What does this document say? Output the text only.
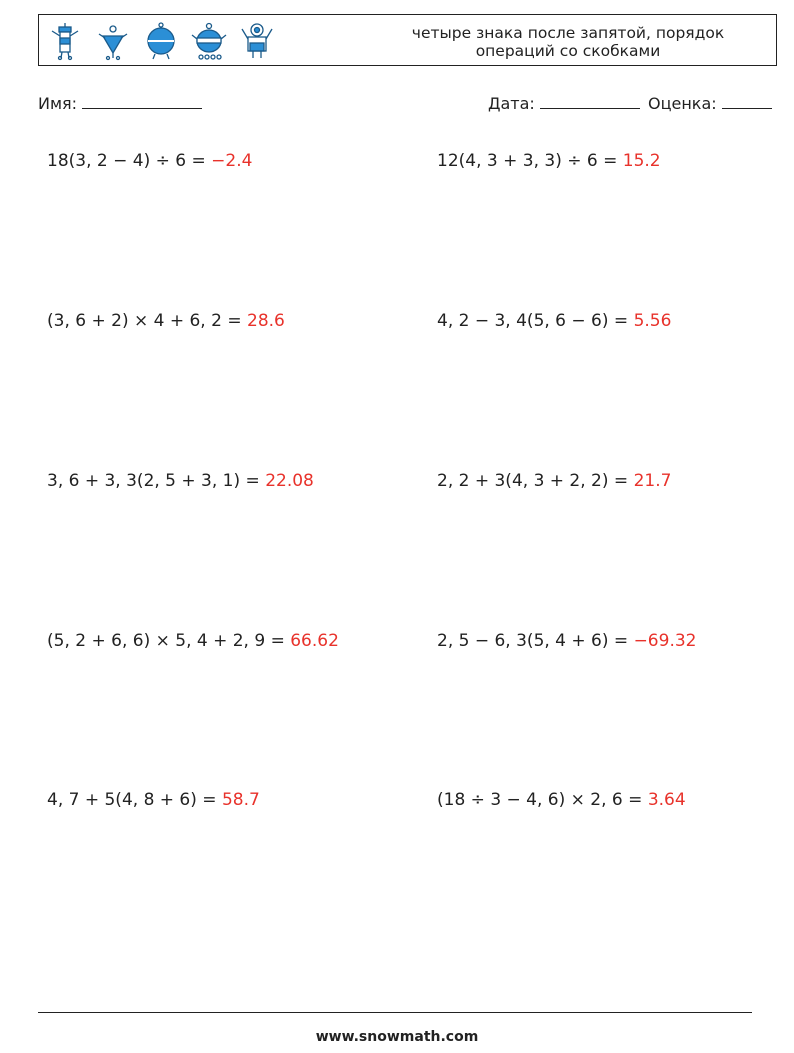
четыре знака после запятой, порядок
операций со скобками
Имя:	Дата:	Оценка:
18(3, 2 − 4) ÷ 6 = −2.4	12(4, 3 + 3, 3) ÷ 6 = 15.2
(3, 6 + 2) × 4 + 6, 2 = 28.6	4, 2 − 3, 4(5, 6 − 6) = 5.56
3, 6 + 3, 3(2, 5 + 3, 1) = 22.08	2, 2 + 3(4, 3 + 2, 2) = 21.7
(5, 2 + 6, 6) × 5, 4 + 2, 9 = 66.62	2, 5 − 6, 3(5, 4 + 6) = −69.32
4, 7 + 5(4, 8 + 6) = 58.7	(18 ÷ 3 − 4, 6) × 2, 6 = 3.64
www.snowmath.com
